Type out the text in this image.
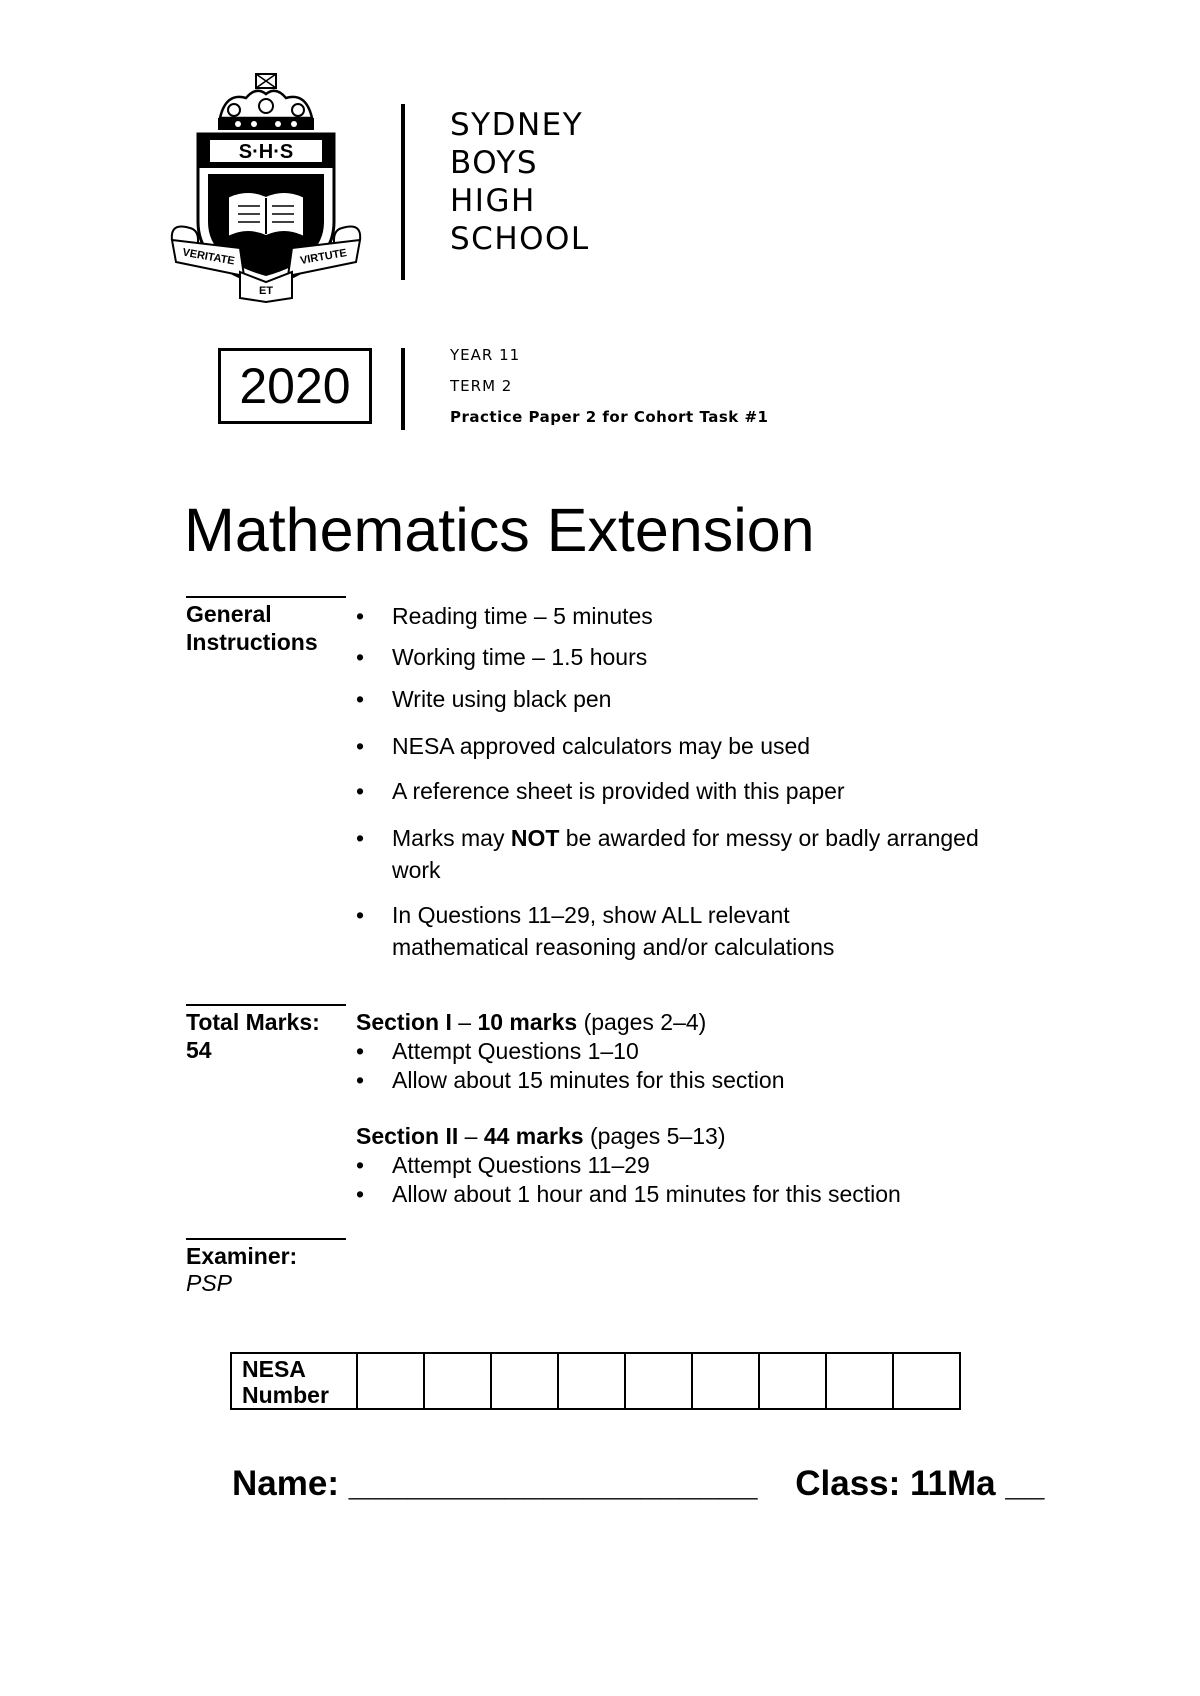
S·H·S
VERITATE
ET
VIRTUTE
SYDNEY
BOYS
HIGH
SCHOOL
2020
YEAR 11
TERM 2
Practice Paper 2 for Cohort Task #1
Mathematics Extension
General
Instructions
• Reading time – 5 minutes
• Working time – 1.5 hours
• Write using black pen
• NESA approved calculators may be used
• A reference sheet is provided with this paper
• Marks may NOT be awarded for messy or badly arranged work
• In Questions 11–29, show ALL relevant mathematical reasoning and/or calculations
Total Marks:
54
Section I – 10 marks (pages 2–4)
• Attempt Questions 1–10
• Allow about 15 minutes for this section
Section II – 44 marks (pages 5–13)
• Attempt Questions 11–29
• Allow about 1 hour and 15 minutes for this section
Examiner:
PSP
NESA
Number

Name: _____________________ Class: 11Ma __
